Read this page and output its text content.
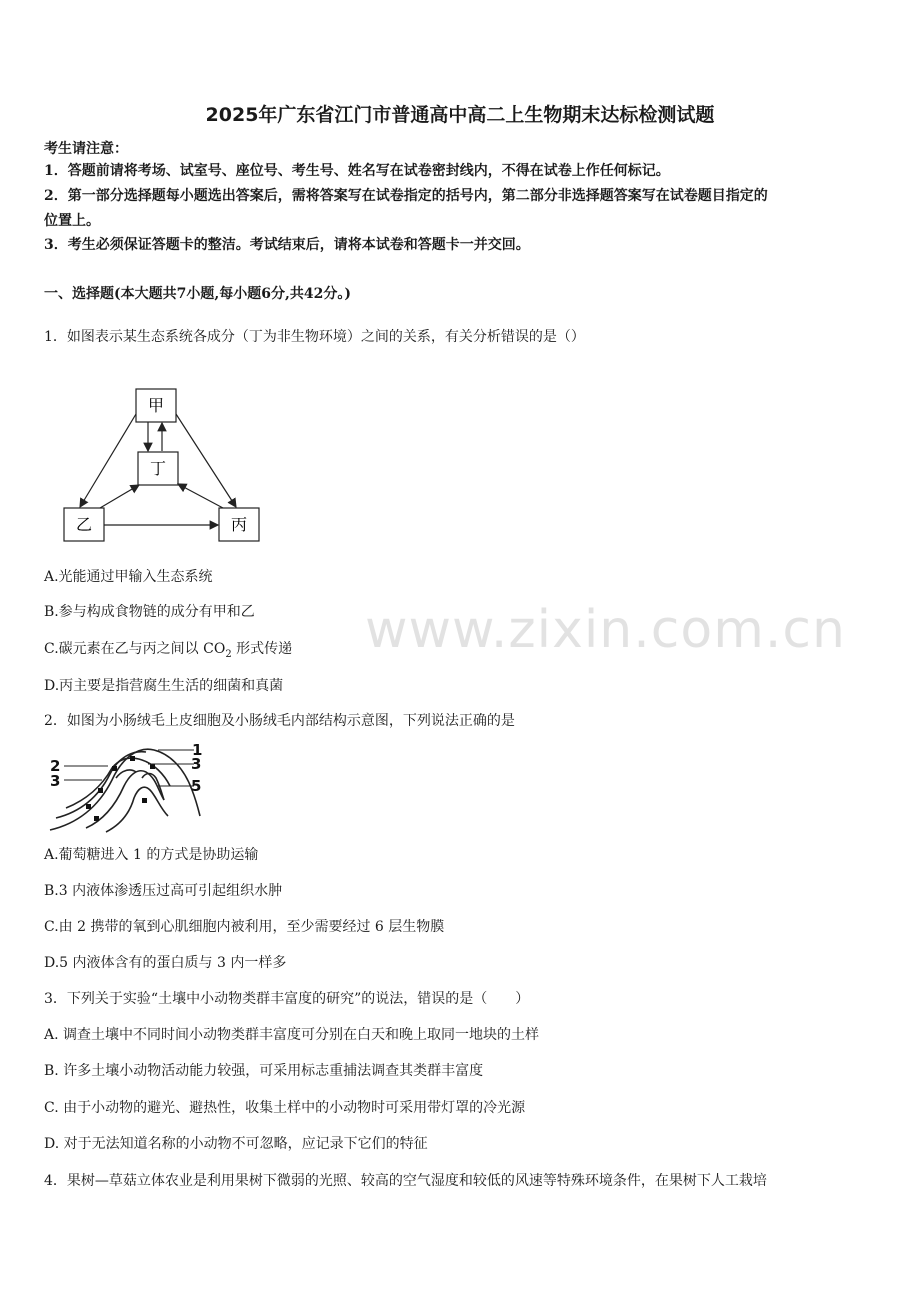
2025年广东省江门市普通高中高二上生物期末达标检测试题
考生请注意：
1．答题前请将考场、试室号、座位号、考生号、姓名写在试卷密封线内，不得在试卷上作任何标记。
2．第一部分选择题每小题选出答案后，需将答案写在试卷指定的括号内，第二部分非选择题答案写在试卷题目指定的
位置上。
3．考生必须保证答题卡的整洁。考试结束后，请将本试卷和答题卡一并交回。
一、选择题(本大题共7小题,每小题6分,共42分。)
1．如图表示某生态系统各成分（丁为非生物环境）之间的关系，有关分析错误的是（）
甲
丁
乙	丙
A.光能通过甲输入生态系统
B.参与构成食物链的成分有甲和乙
C.碳元素在乙与丙之间以 $CO_2$ 形式传递
D.丙主要是指营腐生生活的细菌和真菌
2．如图为小肠绒毛上皮细胞及小肠绒毛内部结构示意图，下列说法正确的是
1
3
5
2
3
A.葡萄糖进入 1 的方式是协助运输
B.3 内液体渗透压过高可引起组织水肿
C.由 2 携带的氧到心肌细胞内被利用，至少需要经过 6 层生物膜
D.5 内液体含有的蛋白质与 3 内一样多
3．下列关于实验“土壤中小动物类群丰富度的研究”的说法，错误的是（　　）
A. 调查土壤中不同时间小动物类群丰富度可分别在白天和晚上取同一地块的土样
B. 许多土壤小动物活动能力较强，可采用标志重捕法调查其类群丰富度
C. 由于小动物的避光、避热性，收集土样中的小动物时可采用带灯罩的冷光源
D. 对于无法知道名称的小动物不可忽略，应记录下它们的特征
4．果树—草菇立体农业是利用果树下微弱的光照、较高的空气湿度和较低的风速等特殊环境条件，在果树下人工栽培
www.zixin.com.cn
